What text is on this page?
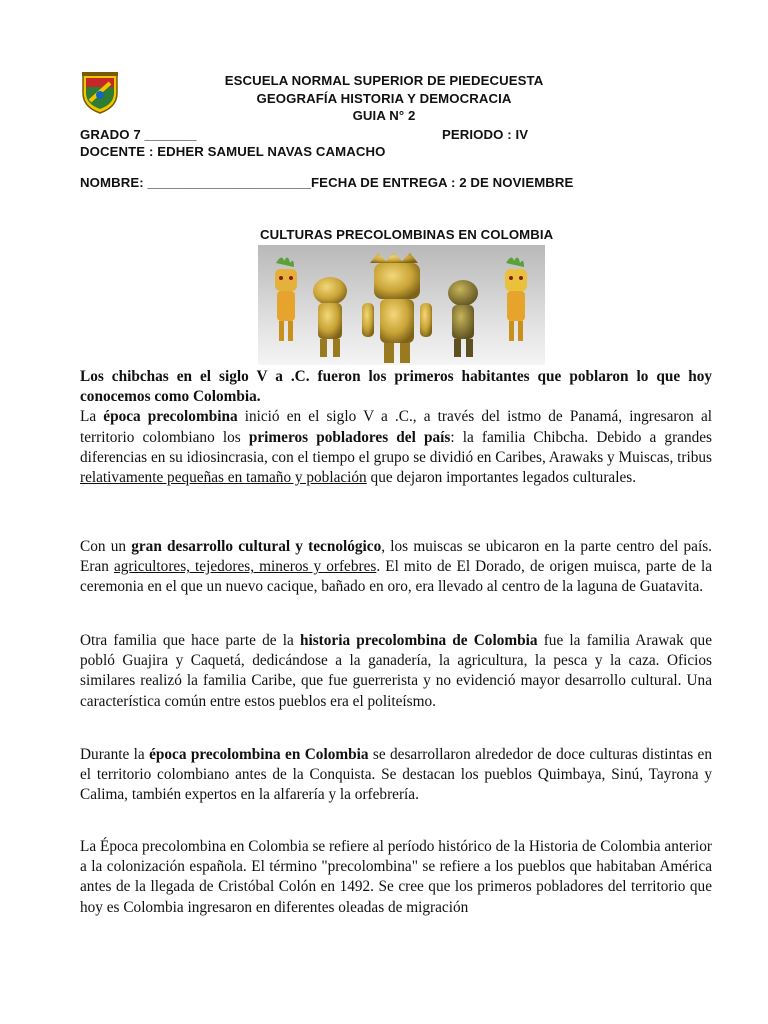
ESCUELA NORMAL SUPERIOR DE PIEDECUESTA
GEOGRAFÍA HISTORIA Y DEMOCRACIA
GUIA N° 2
GRADO 7 _______	PERIODO : IV
DOCENTE : EDHER SAMUEL NAVAS CAMACHO
NOMBRE: ______________________FECHA DE ENTREGA : 2 DE NOVIEMBRE
CULTURAS PRECOLOMBINAS EN COLOMBIA
Los chibchas en el siglo V a .C. fueron los primeros habitantes que poblaron lo que hoy conocemos como Colombia.
La época precolombina inició en el siglo V a .C., a través del istmo de Panamá, ingresaron al territorio colombiano los primeros pobladores del país: la familia Chibcha. Debido a grandes diferencias en su idiosincrasia, con el tiempo el grupo se dividió en Caribes, Arawaks y Muiscas, tribus relativamente pequeñas en tamaño y población que dejaron importantes legados culturales.
Con un gran desarrollo cultural y tecnológico, los muiscas se ubicaron en la parte centro del país. Eran agricultores, tejedores, mineros y orfebres. El mito de El Dorado, de origen muisca, parte de la ceremonia en el que un nuevo cacique, bañado en oro, era llevado al centro de la laguna de Guatavita.
Otra familia que hace parte de la historia precolombina de Colombia fue la familia Arawak que pobló Guajira y Caquetá, dedicándose a la ganadería, la agricultura, la pesca y la caza. Oficios similares realizó la familia Caribe, que fue guerrerista y no evidenció mayor desarrollo cultural. Una característica común entre estos pueblos era el politeísmo.
Durante la época precolombina en Colombia se desarrollaron alrededor de doce culturas distintas en el territorio colombiano antes de la Conquista. Se destacan los pueblos Quimbaya, Sinú, Tayrona y Calima, también expertos en la alfarería y la orfebrería.
La Época precolombina en Colombia se refiere al período histórico de la Historia de Colombia anterior a la colonización española. El término "precolombina" se refiere a los pueblos que habitaban América antes de la llegada de Cristóbal Colón en 1492. Se cree que los primeros pobladores del territorio que hoy es Colombia ingresaron en diferentes oleadas de migración
